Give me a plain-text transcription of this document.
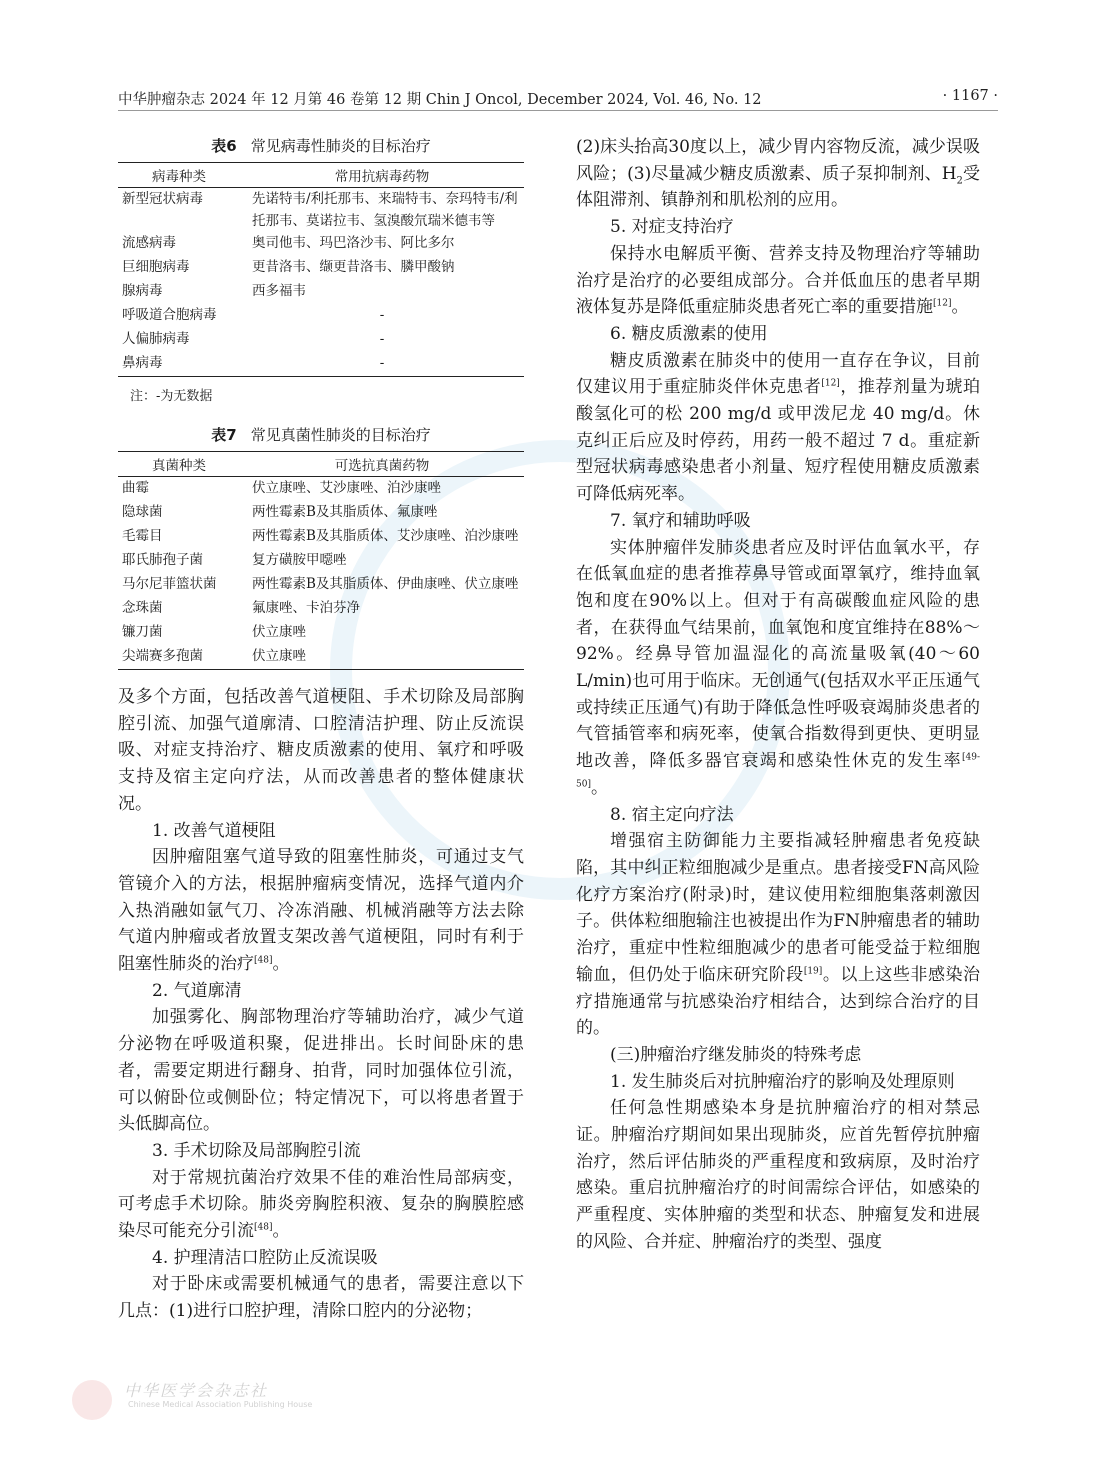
中华肿瘤杂志 2024 年 12 月第 46 卷第 12 期 Chin J Oncol, December 2024, Vol. 46, No. 12	· 1167 ·
表6 常见病毒性肺炎的目标治疗
病毒种类	常用抗病毒药物
新型冠状病毒	先诺特韦/利托那韦、来瑞特韦、奈玛特韦/利托那韦、莫诺拉韦、氢溴酸氘瑞米德韦等
流感病毒	奥司他韦、玛巴洛沙韦、阿比多尔
巨细胞病毒	更昔洛韦、缬更昔洛韦、膦甲酸钠
腺病毒	西多福韦
呼吸道合胞病毒	-
人偏肺病毒	-
鼻病毒	-
注：-为无数据
表7 常见真菌性肺炎的目标治疗
真菌种类	可选抗真菌药物
曲霉	伏立康唑、艾沙康唑、泊沙康唑
隐球菌	两性霉素B及其脂质体、氟康唑
毛霉目	两性霉素B及其脂质体、艾沙康唑、泊沙康唑
耶氏肺孢子菌	复方磺胺甲噁唑
马尔尼菲篮状菌	两性霉素B及其脂质体、伊曲康唑、伏立康唑
念珠菌	氟康唑、卡泊芬净
镰刀菌	伏立康唑
尖端赛多孢菌	伏立康唑

及多个方面，包括改善气道梗阻、手术切除及局部胸腔引流、加强气道廓清、口腔清洁护理、防止反流误吸、对症支持治疗、糖皮质激素的使用、氧疗和呼吸支持及宿主定向疗法，从而改善患者的整体健康状况。

1. 改善气道梗阻

因肿瘤阻塞气道导致的阻塞性肺炎，可通过支气管镜介入的方法，根据肿瘤病变情况，选择气道内介入热消融如氩气刀、冷冻消融、机械消融等方法去除气道内肿瘤或者放置支架改善气道梗阻，同时有利于阻塞性肺炎的治疗[48]。

2. 气道廓清

加强雾化、胸部物理治疗等辅助治疗，减少气道分泌物在呼吸道积聚，促进排出。长时间卧床的患者，需要定期进行翻身、拍背，同时加强体位引流，可以俯卧位或侧卧位；特定情况下，可以将患者置于头低脚高位。

3. 手术切除及局部胸腔引流

对于常规抗菌治疗效果不佳的难治性局部病变，可考虑手术切除。肺炎旁胸腔积液、复杂的胸膜腔感染尽可能充分引流[48]。

4. 护理清洁口腔防止反流误吸

对于卧床或需要机械通气的患者，需要注意以下几点：(1)进行口腔护理，清除口腔内的分泌物；

(2)床头抬高30度以上，减少胃内容物反流，减少误吸风险；(3)尽量减少糖皮质激素、质子泵抑制剂、$H_2$受体阻滞剂、镇静剂和肌松剂的应用。

5. 对症支持治疗

保持水电解质平衡、营养支持及物理治疗等辅助治疗是治疗的必要组成部分。合并低血压的患者早期液体复苏是降低重症肺炎患者死亡率的重要措施[12]。

6. 糖皮质激素的使用

糖皮质激素在肺炎中的使用一直存在争议，目前仅建议用于重症肺炎伴休克患者[12]，推荐剂量为琥珀酸氢化可的松 200 mg/d 或甲泼尼龙 40 mg/d。休克纠正后应及时停药，用药一般不超过 7 d。重症新型冠状病毒感染患者小剂量、短疗程使用糖皮质激素可降低病死率。

7. 氧疗和辅助呼吸

实体肿瘤伴发肺炎患者应及时评估血氧水平，存在低氧血症的患者推荐鼻导管或面罩氧疗，维持血氧饱和度在90%以上。但对于有高碳酸血症风险的患者，在获得血气结果前，血氧饱和度宜维持在88%～92%。经鼻导管加温湿化的高流量吸氧(40～60 L/min)也可用于临床。无创通气(包括双水平正压通气或持续正压通气)有助于降低急性呼吸衰竭肺炎患者的气管插管率和病死率，使氧合指数得到更快、更明显地改善，降低多器官衰竭和感染性休克的发生率[49-50]。

8. 宿主定向疗法

增强宿主防御能力主要指减轻肿瘤患者免疫缺陷，其中纠正粒细胞减少是重点。患者接受FN高风险化疗方案治疗(附录)时，建议使用粒细胞集落刺激因子。供体粒细胞输注也被提出作为FN肿瘤患者的辅助治疗，重症中性粒细胞减少的患者可能受益于粒细胞输血，但仍处于临床研究阶段[19]。以上这些非感染治疗措施通常与抗感染治疗相结合，达到综合治疗的目的。

(三)肿瘤治疗继发肺炎的特殊考虑

1. 发生肺炎后对抗肿瘤治疗的影响及处理原则

任何急性期感染本身是抗肿瘤治疗的相对禁忌证。肿瘤治疗期间如果出现肺炎，应首先暂停抗肿瘤治疗，然后评估肺炎的严重程度和致病原，及时治疗感染。重启抗肿瘤治疗的时间需综合评估，如感染的严重程度、实体肿瘤的类型和状态、肿瘤复发和进展的风险、合并症、肿瘤治疗的类型、强度

中华医学会杂志社
Chinese Medical Association Publishing House
